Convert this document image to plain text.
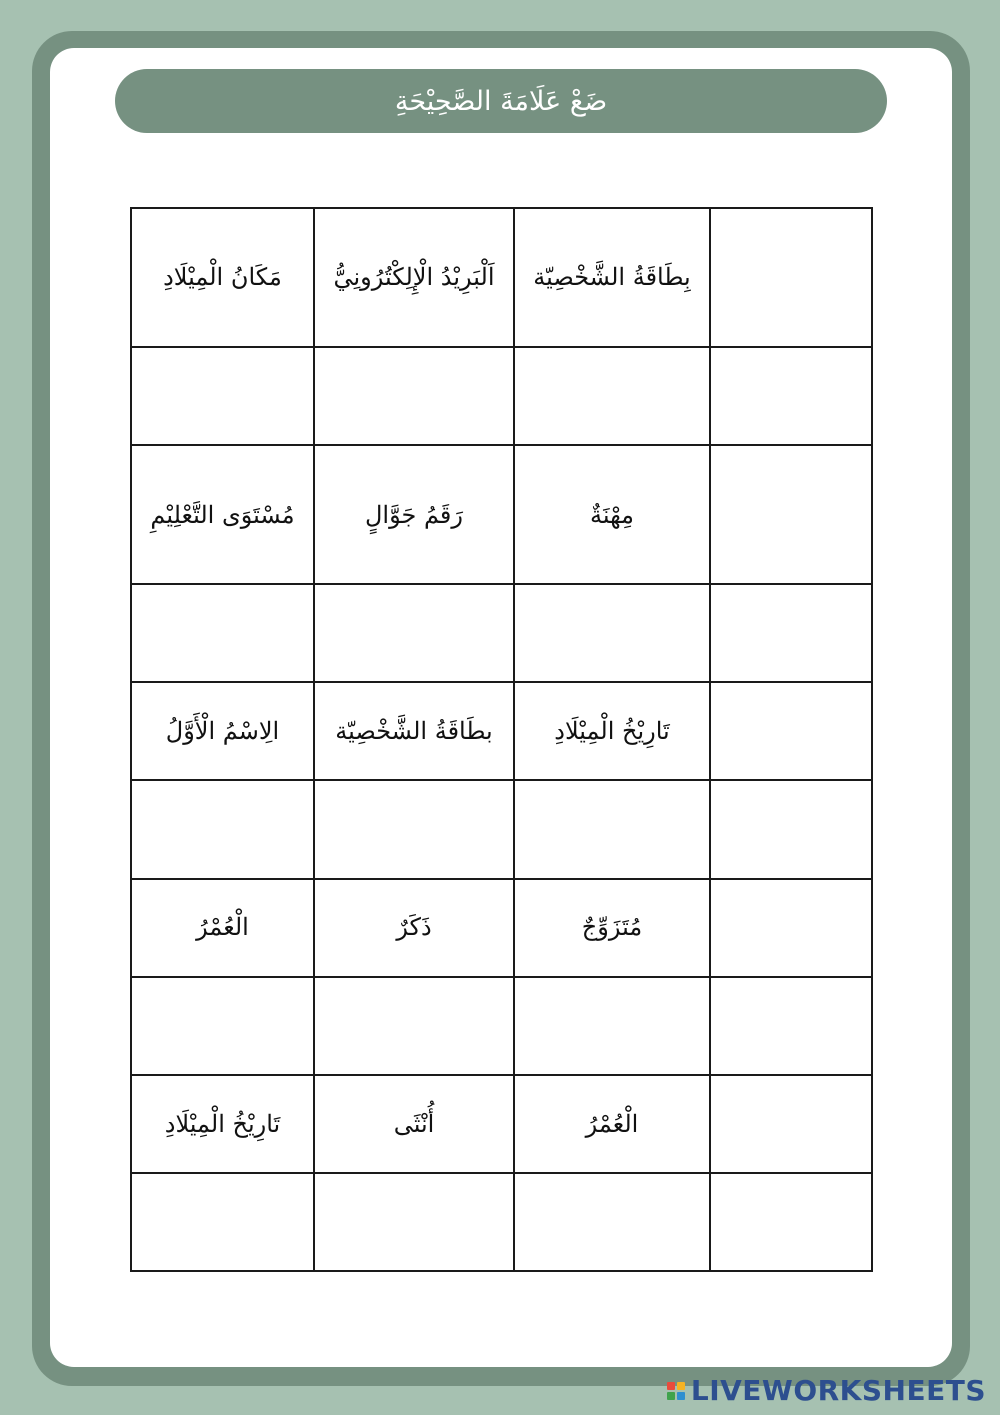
ضَعْ عَلَامَةَ الصَّحِيْحَةِ
مَكَانُ الْمِيْلَادِ	اَلْبَرِيْدُ الْإِلِكْتُرُونِيُّ	بِطَاقَةُ الشَّخْصِيّة	

مُسْتَوَى التَّعْلِيْمِ	رَقَمُ جَوَّالٍ	مِهْنَةٌ	

الِاسْمُ الْأَوَّلُ	بطَاقَةُ الشَّخْصِيّة	تَارِيْخُ الْمِيْلَادِ	

الْعُمْرُ	ذَكَرٌ	مُتَزَوِّجٌ	

تَارِيْخُ الْمِيْلَادِ	أُنْثَى	الْعُمْرُ	

LIVEWORKSHEETS
